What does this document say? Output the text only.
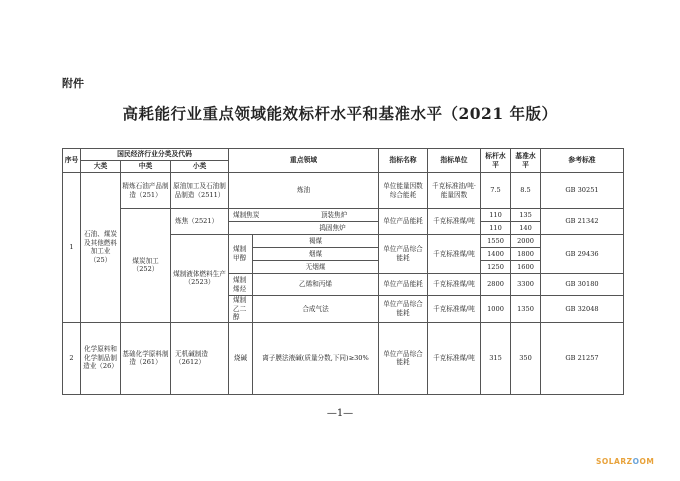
附件
高耗能行业重点领域能效标杆水平和基准水平（2021 年版）
序号	国民经济行业分类及代码			重点领域		指标名称	指标单位	标杆水平	基准水平	参考标准
	大类	中类	小类							
1	石油、煤炭及其他燃料加工业（25）	精炼石油产品制造（251）	原油加工及石油制品制造（2511）	炼油		单位能量因数综合能耗	千克标准油/吨·能量因数	7.5	8.5	GB 30251
		煤炭加工（252）	炼焦（2521）	煤制焦炭 顶装焦炉		单位产品能耗	千克标准煤/吨	110	135	GB 21342

				捣固焦炉				110	140	
			煤制液体燃料生产（2523）	煤制甲醇	褐煤	单位产品综合能耗	千克标准煤/吨	1550	2000	GB 29436
					烟煤			1400	1800	
					无烟煤			1250	1600	
				煤制烯烃	乙烯和丙烯	单位产品能耗	千克标准煤/吨	2800	3300	GB 30180
				煤制乙二醇	合成气法	单位产品综合能耗	千克标准煤/吨	1000	1350	GB 32048

2	化学原料和化学制品制造业（26）	基础化学原料制造（261）	无机碱制造（2612）	烧碱	离子膜法液碱(质量分数,下同)≥30%	单位产品综合能耗	千克标准煤/吨	315	350	GB 21257
—1—
SOLARZOOM
